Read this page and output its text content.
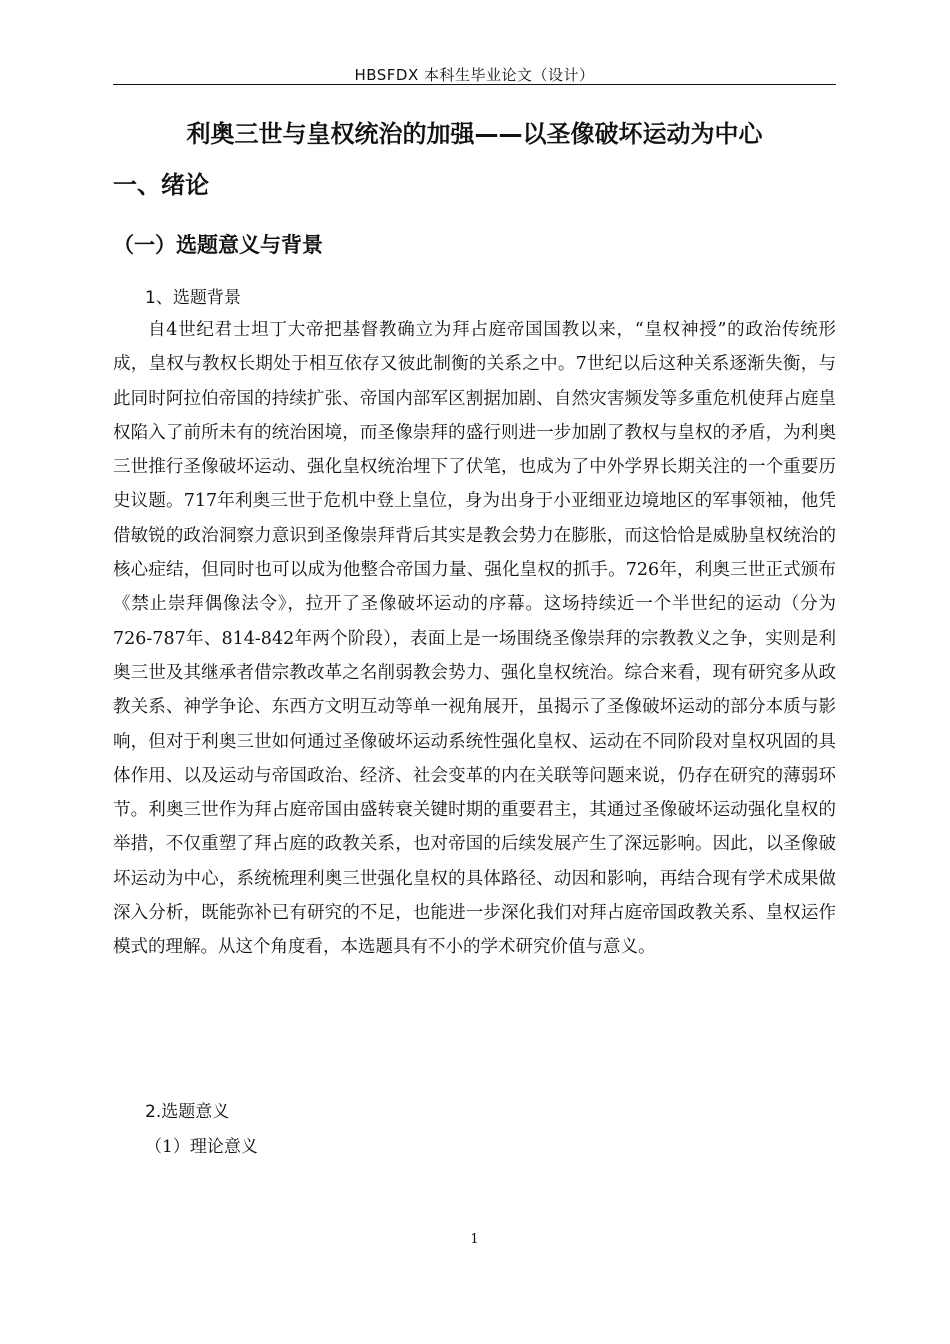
HBSFDX 本科生毕业论文（设计）
利奥三世与皇权统治的加强——以圣像破坏运动为中心
一、绪论
（一）选题意义与背景
1、选题背景

自4世纪君士坦丁大帝把基督教确立为拜占庭帝国国教以来，“皇权神授”的政治传统形成，皇权与教权长期处于相互依存又彼此制衡的关系之中。7世纪以后这种关系逐渐失衡，与此同时阿拉伯帝国的持续扩张、帝国内部军区割据加剧、自然灾害频发等多重危机使拜占庭皇权陷入了前所未有的统治困境，而圣像崇拜的盛行则进一步加剧了教权与皇权的矛盾，为利奥三世推行圣像破坏运动、强化皇权统治埋下了伏笔，也成为了中外学界长期关注的一个重要历史议题。717年利奥三世于危机中登上皇位，身为出身于小亚细亚边境地区的军事领袖，他凭借敏锐的政治洞察力意识到圣像崇拜背后其实是教会势力在膨胀，而这恰恰是威胁皇权统治的核心症结，但同时也可以成为他整合帝国力量、强化皇权的抓手。726年，利奥三世正式颁布《禁止崇拜偶像法令》，拉开了圣像破坏运动的序幕。这场持续近一个半世纪的运动（分为726-787年、814-842年两个阶段），表面上是一场围绕圣像崇拜的宗教教义之争，实则是利奥三世及其继承者借宗教改革之名削弱教会势力、强化皇权统治。综合来看，现有研究多从政教关系、神学争论、东西方文明互动等单一视角展开，虽揭示了圣像破坏运动的部分本质与影响，但对于利奥三世如何通过圣像破坏运动系统性强化皇权、运动在不同阶段对皇权巩固的具体作用、以及运动与帝国政治、经济、社会变革的内在关联等问题来说，仍存在研究的薄弱环节。利奥三世作为拜占庭帝国由盛转衰关键时期的重要君主，其通过圣像破坏运动强化皇权的举措，不仅重塑了拜占庭的政教关系，也对帝国的后续发展产生了深远影响。因此，以圣像破坏运动为中心，系统梳理利奥三世强化皇权的具体路径、动因和影响，再结合现有学术成果做深入分析，既能弥补已有研究的不足，也能进一步深化我们对拜占庭帝国政教关系、皇权运作模式的理解。从这个角度看，本选题具有不小的学术研究价值与意义。

2.选题意义
（1）理论意义
1
